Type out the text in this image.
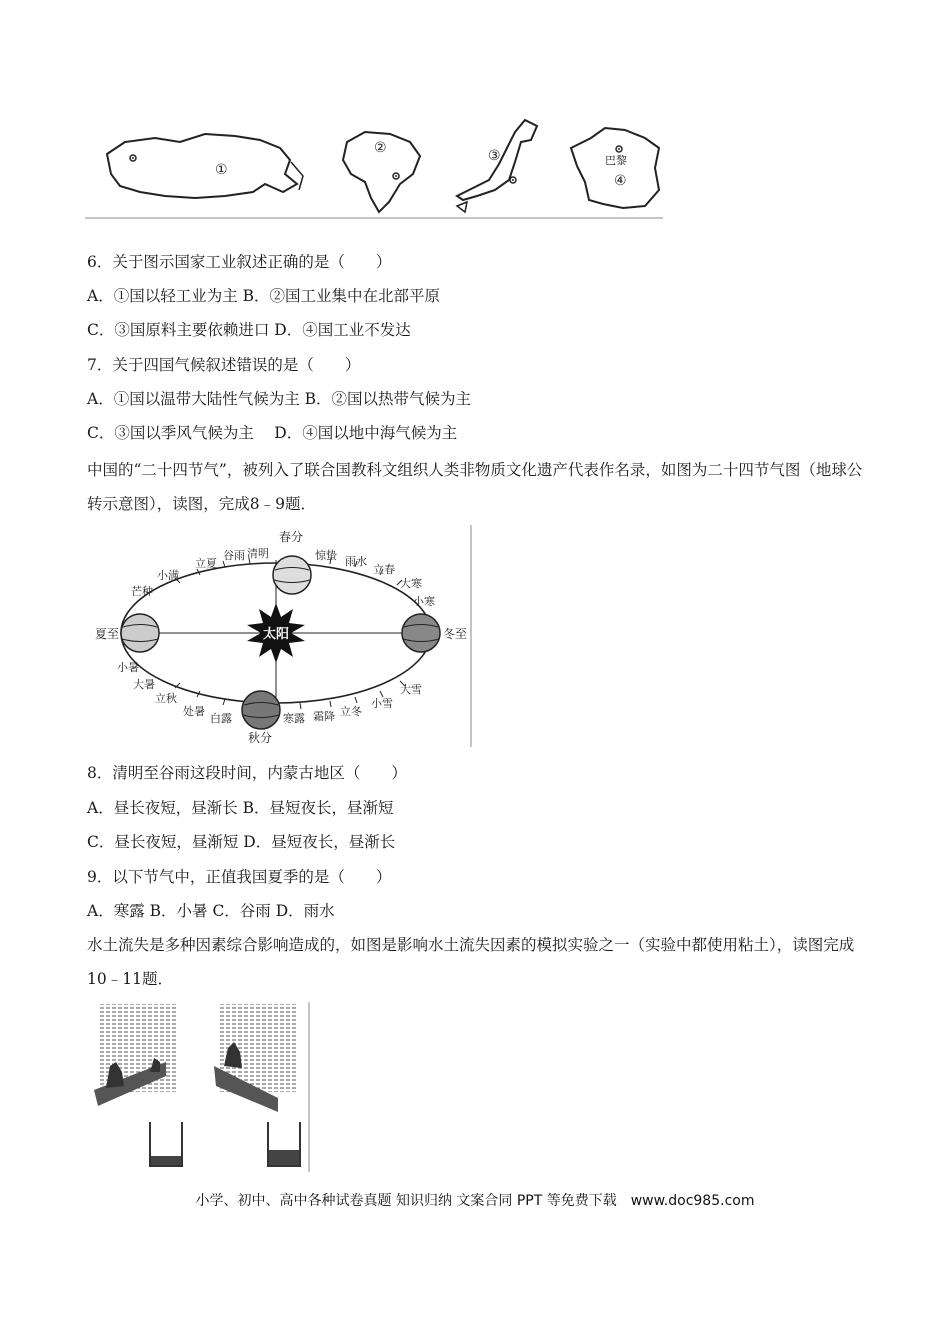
①
②	③	巴黎
④
6．关于图示国家工业叙述正确的是（　　）
A．①国以轻工业为主 B．②国工业集中在北部平原
C．③国原料主要依赖进口 D．④国工业不发达
7．关于四国气候叙述错误的是（　　）
A．①国以温带大陆性气候为主 B．②国以热带气候为主
C．③国以季风气候为主　 D．④国以地中海气候为主
中国的“二十四节气”，被列入了联合国教科文组织人类非物质文化遗产代表作名录，如图为二十四节气图（地球公转示意图），读图，完成8﹣9题．
太阳
春分
夏至	冬至
秋分
谷雨 清明	惊蛰 雨水
立春
立夏
小满
芒种
大寒
小寒
小暑
大暑
立秋
处暑
白露
大雪
小雪
立冬
霜降
寒露
8．清明至谷雨这段时间，内蒙古地区（　　）
A．昼长夜短，昼渐长 B．昼短夜长，昼渐短
C．昼长夜短，昼渐短 D．昼短夜长，昼渐长
9．以下节气中，正值我国夏季的是（　　）
A．寒露 B．小暑 C．谷雨 D．雨水
水土流失是多种因素综合影响造成的，如图是影响水土流失因素的模拟实验之一（实验中都使用粘土），读图完成10﹣11题．
小学、初中、高中各种试卷真题 知识归纳 文案合同 PPT 等免费下载　www.doc985.com
